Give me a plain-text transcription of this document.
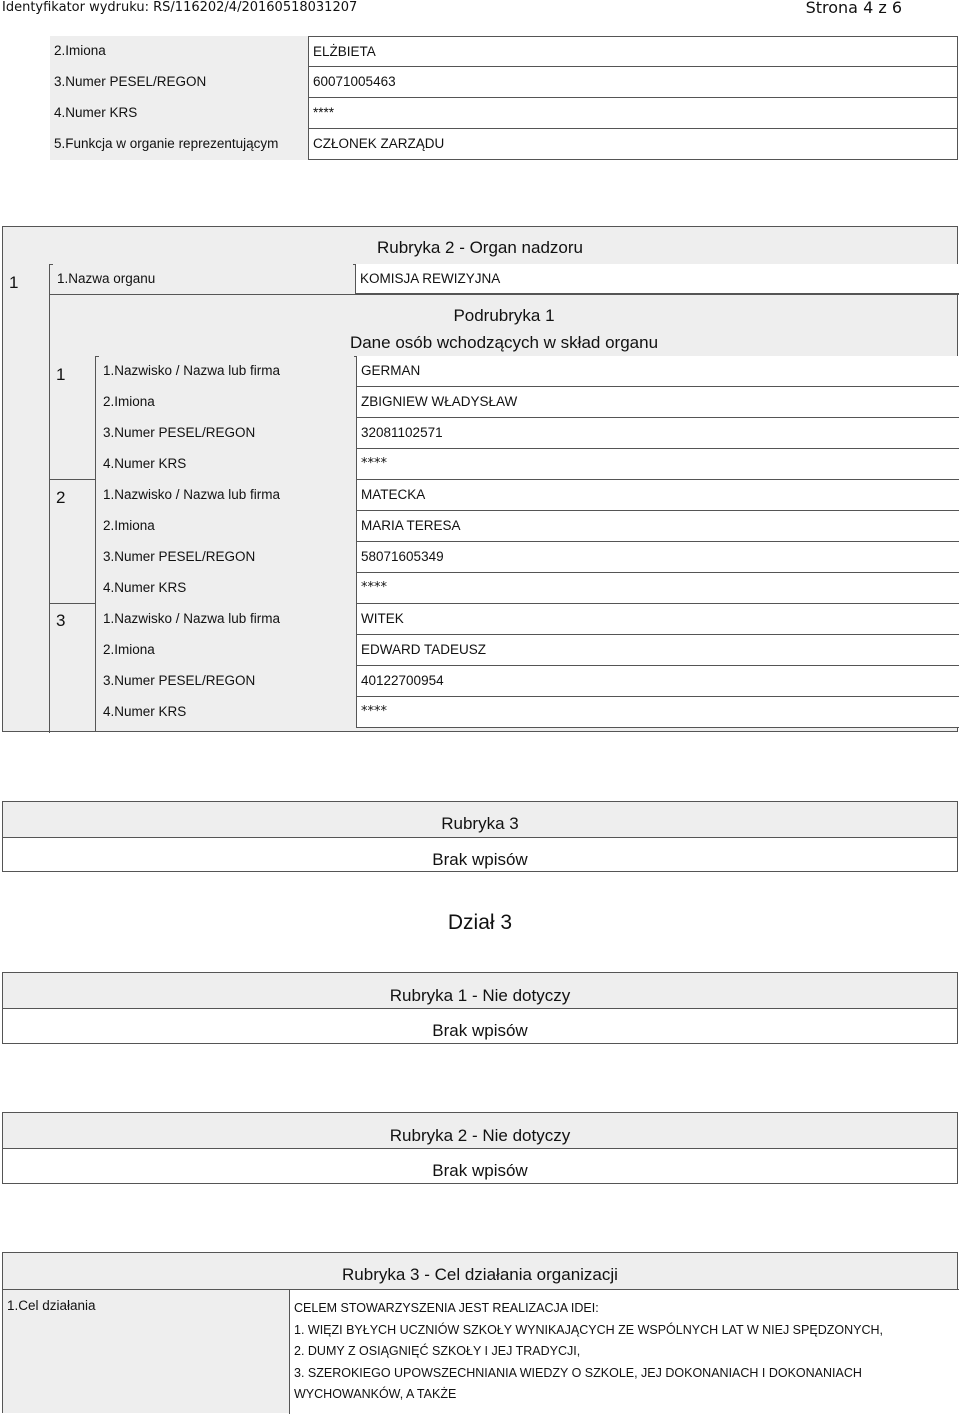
Identyfikator wydruku: RS/116202/4/20160518031207	Strona 4 z 6
2.Imiona	ELŻBIETA
3.Numer PESEL/REGON	60071005463
4.Numer KRS	****
5.Funkcja w organie reprezentującym	CZŁONEK ZARZĄDU
Rubryka 2 - Organ nadzoru
1	1.Nazwa organu	KOMISJA REWIZYJNA
Podrubryka 1
Dane osób wchodzących w skład organu
1	1.Nazwisko / Nazwa lub firma	GERMAN
2.Imiona	ZBIGNIEW WŁADYSŁAW
3.Numer PESEL/REGON	32081102571
4.Numer KRS	****
2	1.Nazwisko / Nazwa lub firma	MATECKA
2.Imiona	MARIA TERESA
3.Numer PESEL/REGON	58071605349
4.Numer KRS	****
3	1.Nazwisko / Nazwa lub firma	WITEK
2.Imiona	EDWARD TADEUSZ
3.Numer PESEL/REGON	40122700954
4.Numer KRS	****
Rubryka 3
Brak wpisów
Dział 3
Rubryka 1 - Nie dotyczy
Brak wpisów
Rubryka 2 - Nie dotyczy
Brak wpisów
Rubryka 3 - Cel działania organizacji
1.Cel działania	CELEM STOWARZYSZENIA JEST REALIZACJA IDEI:
1. WIĘZI BYŁYCH UCZNIÓW SZKOŁY WYNIKAJĄCYCH ZE WSPÓLNYCH LAT W NIEJ SPĘDZONYCH,
2. DUMY Z OSIĄGNIĘĆ SZKOŁY I JEJ TRADYCJI,
3. SZEROKIEGO UPOWSZECHNIANIA WIEDZY O SZKOLE, JEJ DOKONANIACH I DOKONANIACH
WYCHOWANKÓW, A TAKŻE
